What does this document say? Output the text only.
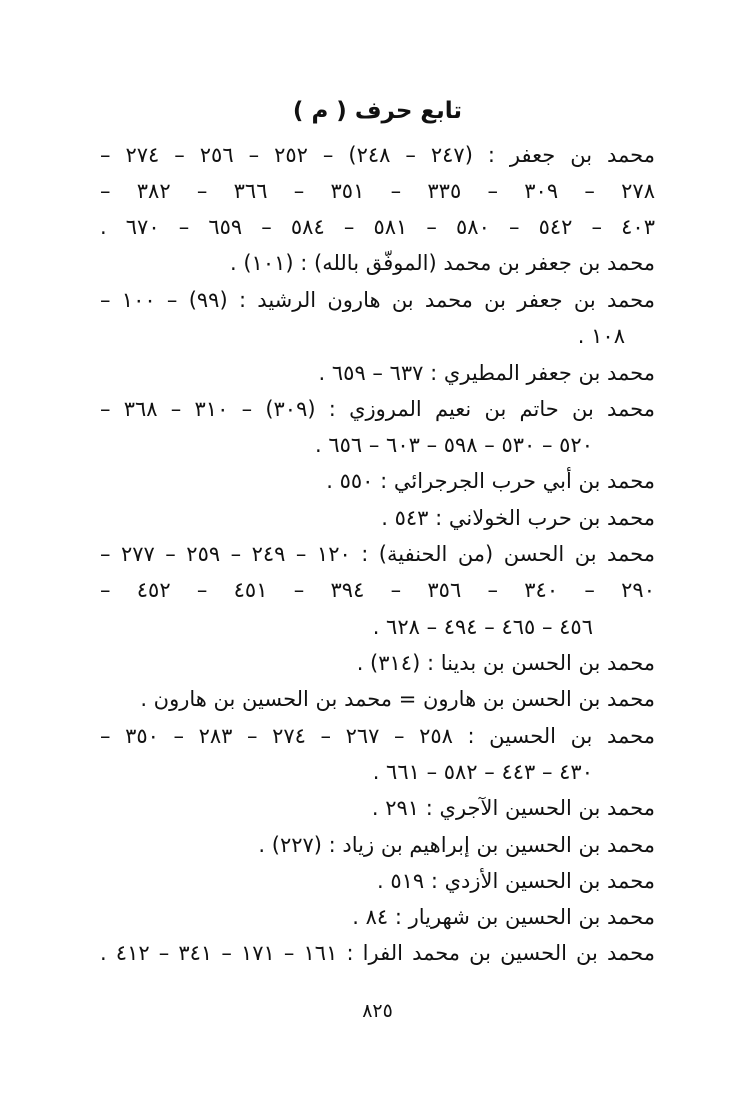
تابع حرف ( م )
محمد بن جعفر : (٢٤٧ – ٢٤٨) – ٢٥٢ – ٢٥٦ – ٢٧٤ –
٢٧٨ – ٣٠٩ – ٣٣٥ – ٣٥١ – ٣٦٦ – ٣٨٢ –
٤٠٣ – ٥٤٢ – ٥٨٠ – ٥٨١ – ٥٨٤ – ٦٥٩ – ٦٧٠ .
محمد بن جعفر بن محمد (الموفّق بالله) : (١٠١) .
محمد بن جعفر بن محمد بن هارون الرشيد : (٩٩) – ١٠٠ –
١٠٨ .
محمد بن جعفر المطيري : ٦٣٧ – ٦٥٩ .
محمد بن حاتم بن نعيم المروزي : (٣٠٩) – ٣١٠ – ٣٦٨ –
٥٢٠ – ٥٣٠ – ٥٩٨ – ٦٠٣ – ٦٥٦ .
محمد بن أبي حرب الجرجرائي : ٥٥٠ .
محمد بن حرب الخولاني : ٥٤٣ .
محمد بن الحسن (من الحنفية) : ١٢٠ – ٢٤٩ – ٢٥٩ – ٢٧٧ –
٢٩٠ – ٣٤٠ – ٣٥٦ – ٣٩٤ – ٤٥١ – ٤٥٢ –
٤٥٦ – ٤٦٥ – ٤٩٤ – ٦٢٨ .
محمد بن الحسن بن بدينا : (٣١٤) .
محمد بن الحسن بن هارون = محمد بن الحسين بن هارون .
محمد بن الحسين : ٢٥٨ – ٢٦٧ – ٢٧٤ – ٢٨٣ – ٣٥٠ –
٤٣٠ – ٤٤٣ – ٥٨٢ – ٦٦١ .
محمد بن الحسين الآجري : ٢٩١ .
محمد بن الحسين بن إبراهيم بن زياد : (٢٢٧) .
محمد بن الحسين الأزدي : ٥١٩ .
محمد بن الحسين بن شهريار : ٨٤ .
محمد بن الحسين بن محمد الفرا : ١٦١ – ١٧١ – ٣٤١ – ٤١٢ .
٨٢٥
